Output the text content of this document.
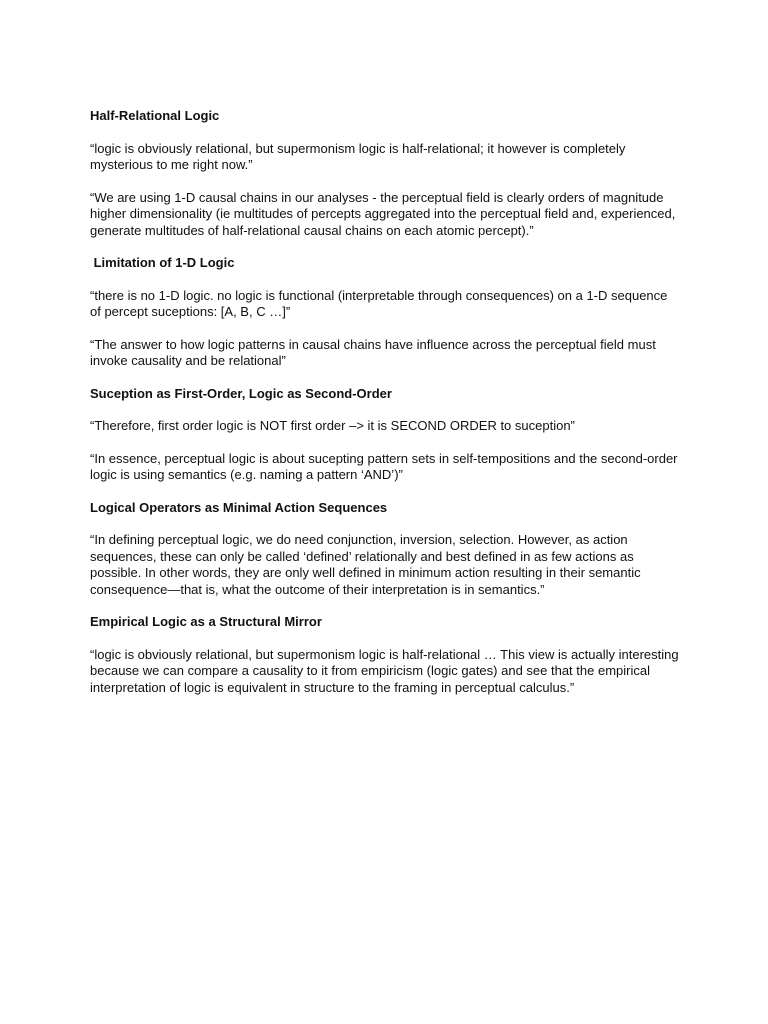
Half-Relational Logic

“logic is obviously relational, but supermonism logic is half-relational; it however is completely mysterious to me right now.”

“We are using 1-D causal chains in our analyses - the perceptual field is clearly orders of magnitude higher dimensionality (ie multitudes of percepts aggregated into the perceptual field and, experienced, generate multitudes of half-relational causal chains on each atomic percept).”

Limitation of 1-D Logic

“there is no 1-D logic. no logic is functional (interpretable through consequences) on a 1-D sequence of percept suceptions: [A, B, C …]”

“The answer to how logic patterns in causal chains have influence across the perceptual field must invoke causality and be relational”

Suception as First-Order, Logic as Second-Order

“Therefore, first order logic is NOT first order –> it is SECOND ORDER to suception”

“In essence, perceptual logic is about sucepting pattern sets in self-tempositions and the second-order logic is using semantics (e.g. naming a pattern ‘AND’)”

Logical Operators as Minimal Action Sequences

“In defining perceptual logic, we do need conjunction, inversion, selection. However, as action sequences, these can only be called ‘defined’ relationally and best defined in as few actions as possible. In other words, they are only well defined in minimum action resulting in their semantic consequence—that is, what the outcome of their interpretation is in semantics.”

Empirical Logic as a Structural Mirror

“logic is obviously relational, but supermonism logic is half-relational … This view is actually interesting because we can compare a causality to it from empiricism (logic gates) and see that the empirical interpretation of logic is equivalent in structure to the framing in perceptual calculus.”
